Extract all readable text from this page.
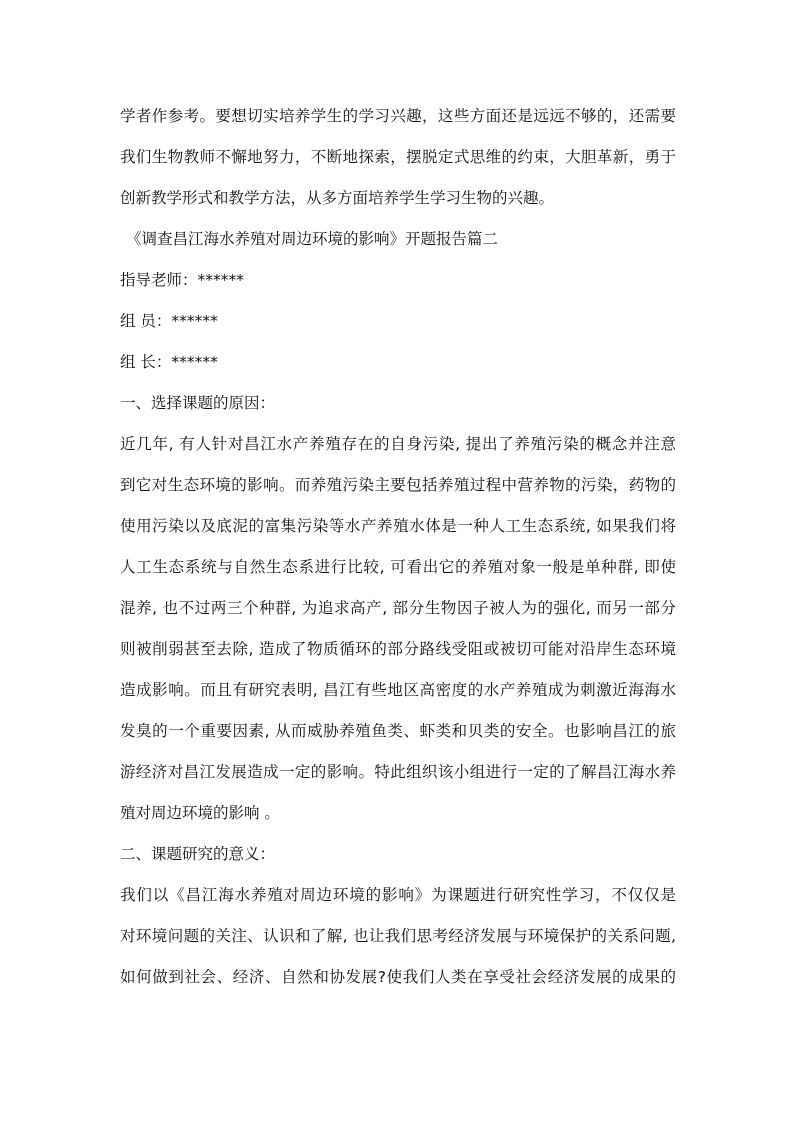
学者作参考。要想切实培养学生的学习兴趣，这些方面还是远远不够的，还需要
我们生物教师不懈地努力，不断地探索，摆脱定式思维的约束，大胆革新，勇于
创新教学形式和教学方法，从多方面培养学生学习生物的兴趣。
《调查昌江海水养殖对周边环境的影响》开题报告篇二
指导老师：******
组 员：******
组 长：******
一、选择课题的原因：
近几年, 有人针对昌江水产养殖存在的自身污染, 提出了养殖污染的概念并注意
到它对生态环境的影响。而养殖污染主要包括养殖过程中营养物的污染，药物的
使用污染以及底泥的富集污染等水产养殖水体是一种人工生态系统, 如果我们将
人工生态系统与自然生态系进行比较, 可看出它的养殖对象一般是单种群, 即使
混养, 也不过两三个种群, 为追求高产, 部分生物因子被人为的强化, 而另一部分
则被削弱甚至去除, 造成了物质循环的部分路线受阻或被切可能对沿岸生态环境
造成影响。而且有研究表明, 昌江有些地区高密度的水产养殖成为刺激近海海水
发臭的一个重要因素, 从而威胁养殖鱼类、虾类和贝类的安全。也影响昌江的旅
游经济对昌江发展造成一定的影响。特此组织该小组进行一定的了解昌江海水养
殖对周边环境的影响 。
二、课题研究的意义：
我们以《昌江海水养殖对周边环境的影响》为课题进行研究性学习，不仅仅是
对环境问题的关注、认识和了解, 也让我们思考经济发展与环境保护的关系问题,
如何做到社会、经济、自然和协发展?使我们人类在享受社会经济发展的成果的
